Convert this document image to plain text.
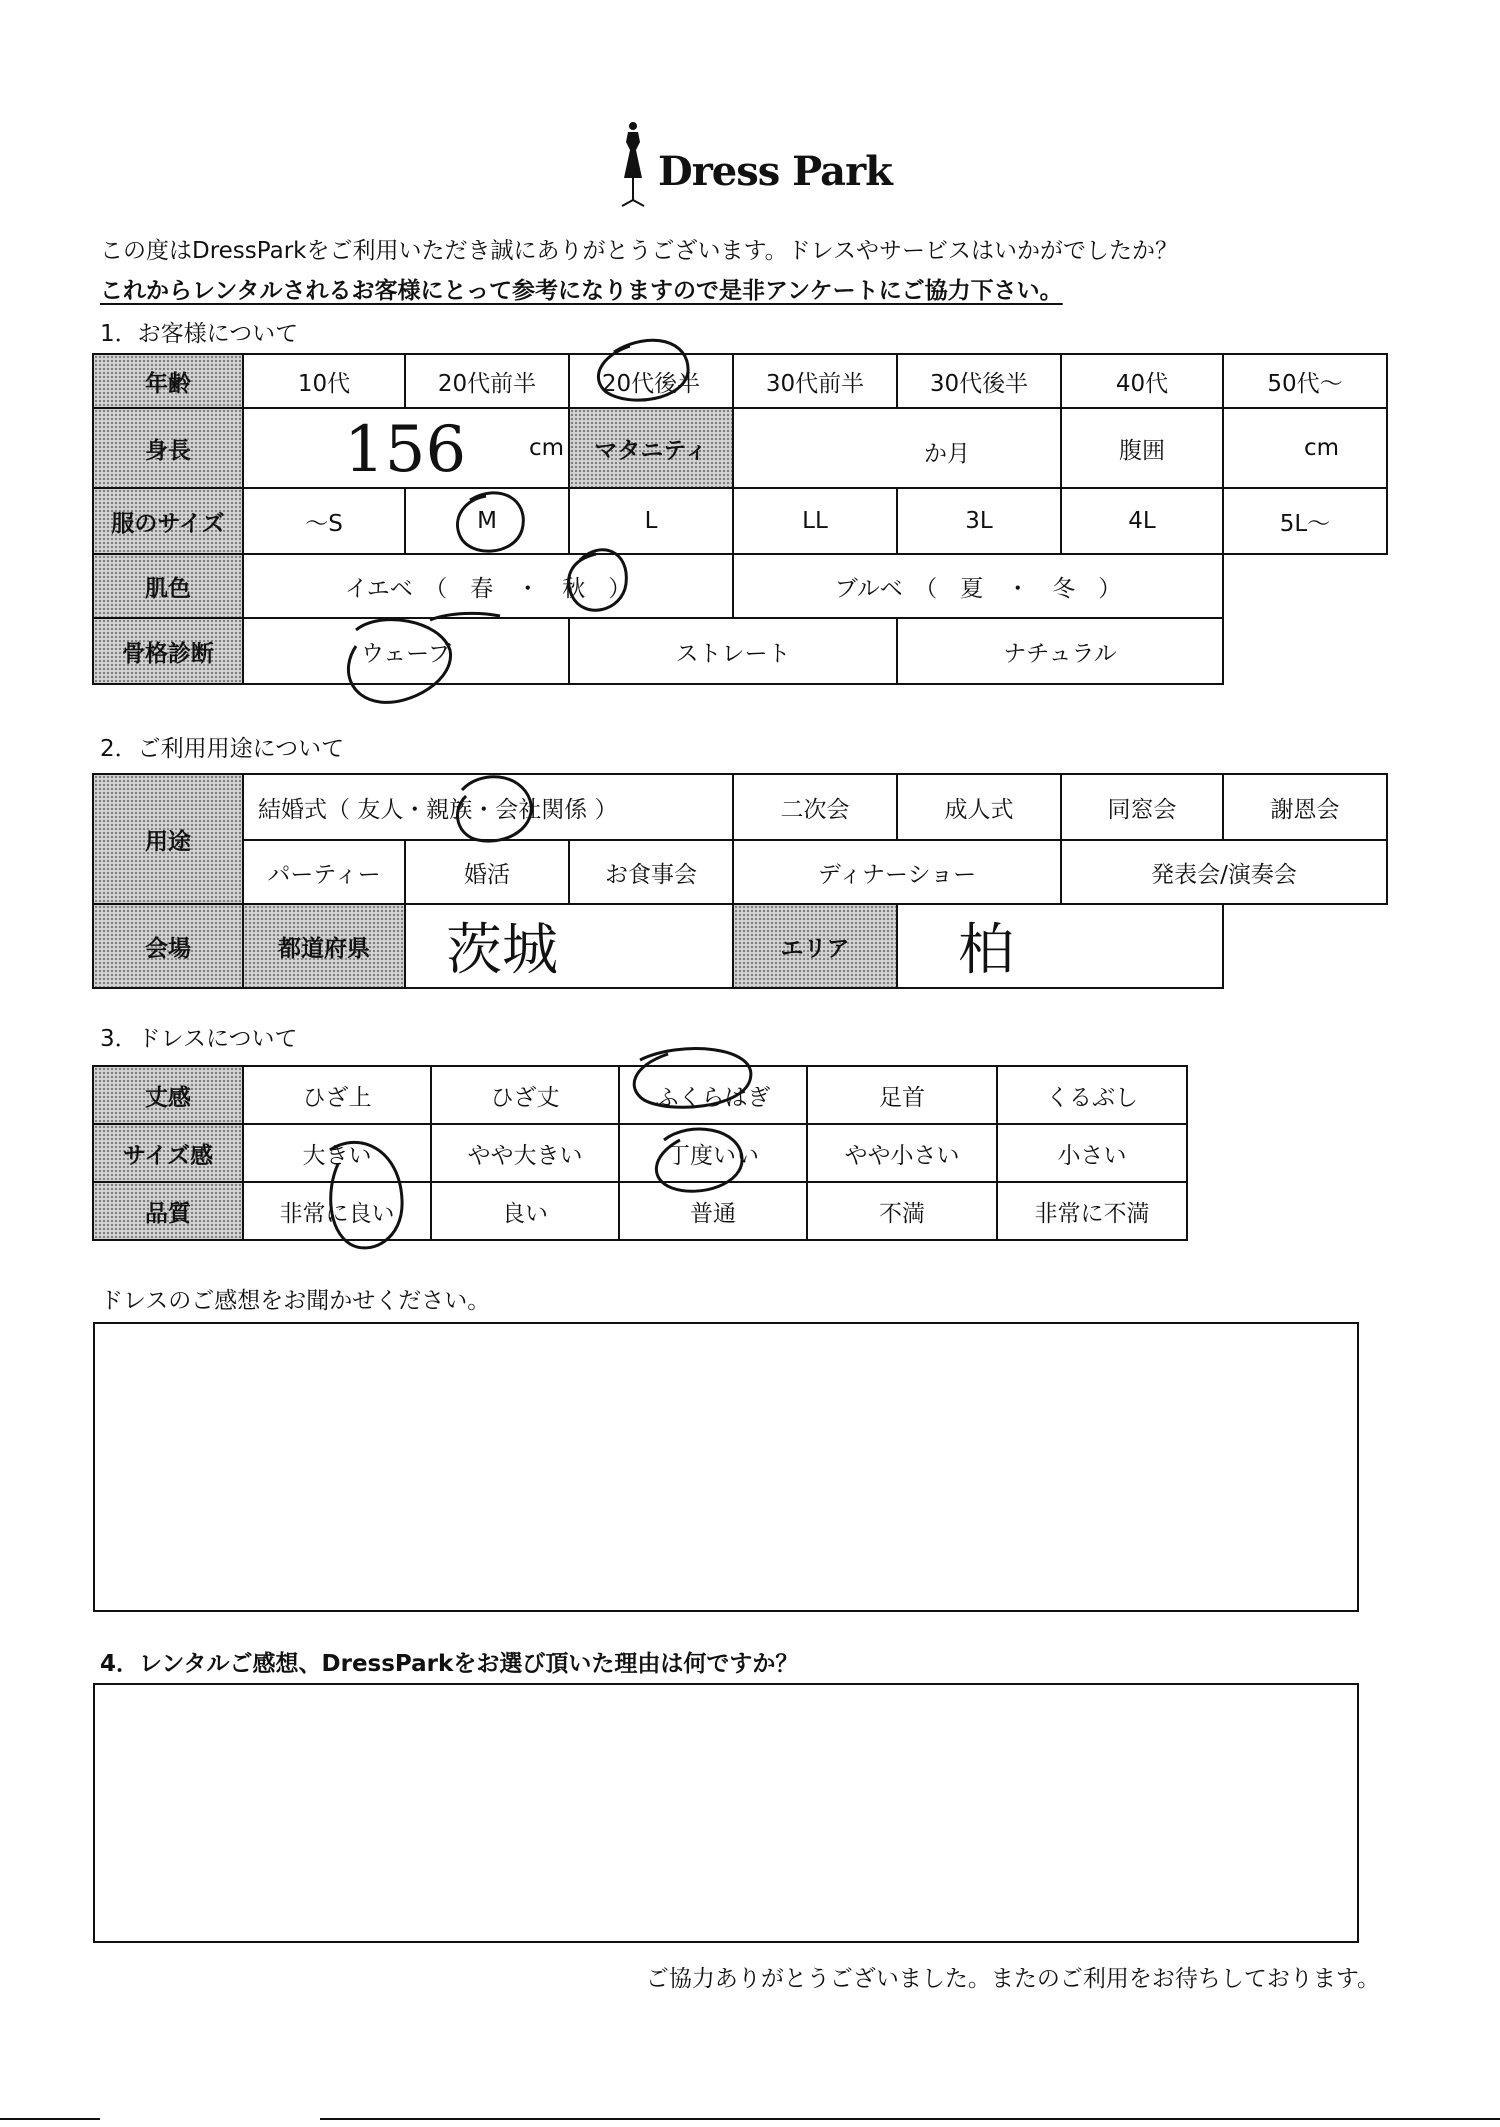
Dress Park
この度はDressParkをご利用いただき誠にありがとうございます。ドレスやサービスはいかがでしたか？
これからレンタルされるお客様にとって参考になりますので是非アンケートにご協力下さい。
1．お客様について
年齢	10代	20代前半	20代後半	30代前半	30代後半	40代	50代～
身長	156 cm		マタニティ	か月		腹囲	cm

服のサイズ	～S	M	L	LL	3L	4L	5L～
肌色	イエベ　（　春　・　秋　）			ブルベ　（　夏　・　冬　）			
骨格診断	ウェーブ		ストレート		ナチュラル		
2．ご利用用途について
用途	結婚式（ 友人・親族・会社関係 ）			二次会	成人式	同窓会	謝恩会
	パーティー	婚活	お食事会	ディナーショー		発表会/演奏会	
会場	都道府県	茨城		エリア	柏		
3．ドレスについて
丈感	ひざ上	ひざ丈	ふくらはぎ	足首	くるぶし
サイズ感	大きい	やや大きい	丁度いい	やや小さい	小さい
品質	非常に良い	良い	普通	不満	非常に不満
ドレスのご感想をお聞かせください。
4．レンタルご感想、DressParkをお選び頂いた理由は何ですか？
ご協力ありがとうございました。またのご利用をお待ちしております。
